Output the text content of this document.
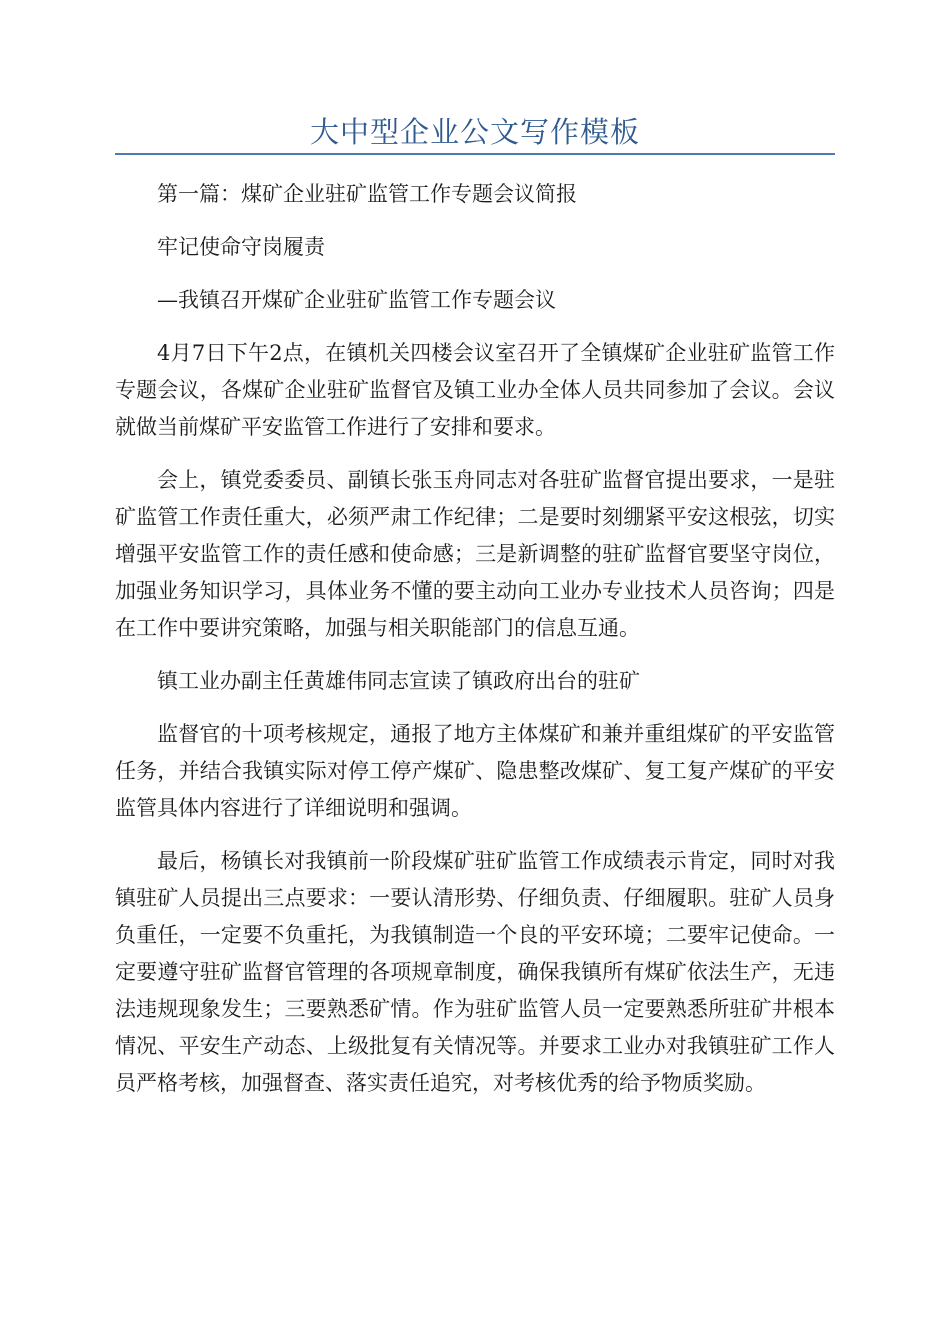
大中型企业公文写作模板

第一篇：煤矿企业驻矿监管工作专题会议简报

牢记使命守岗履责

—我镇召开煤矿企业驻矿监管工作专题会议

4月7日下午2点，在镇机关四楼会议室召开了全镇煤矿企业驻矿监管工作专题会议，各煤矿企业驻矿监督官及镇工业办全体人员共同参加了会议。会议就做当前煤矿平安监管工作进行了安排和要求。

会上，镇党委委员、副镇长张玉舟同志对各驻矿监督官提出要求，一是驻矿监管工作责任重大，必须严肃工作纪律；二是要时刻绷紧平安这根弦，切实增强平安监管工作的责任感和使命感；三是新调整的驻矿监督官要坚守岗位，加强业务知识学习，具体业务不懂的要主动向工业办专业技术人员咨询；四是在工作中要讲究策略，加强与相关职能部门的信息互通。

镇工业办副主任黄雄伟同志宣读了镇政府出台的驻矿

监督官的十项考核规定，通报了地方主体煤矿和兼并重组煤矿的平安监管任务，并结合我镇实际对停工停产煤矿、隐患整改煤矿、复工复产煤矿的平安监管具体内容进行了详细说明和强调。

最后，杨镇长对我镇前一阶段煤矿驻矿监管工作成绩表示肯定，同时对我镇驻矿人员提出三点要求：一要认清形势、仔细负责、仔细履职。驻矿人员身负重任，一定要不负重托，为我镇制造一个良的平安环境；二要牢记使命。一定要遵守驻矿监督官管理的各项规章制度，确保我镇所有煤矿依法生产，无违法违规现象发生；三要熟悉矿情。作为驻矿监管人员一定要熟悉所驻矿井根本情况、平安生产动态、上级批复有关情况等。并要求工业办对我镇驻矿工作人员严格考核，加强督查、落实责任追究，对考核优秀的给予物质奖励。
